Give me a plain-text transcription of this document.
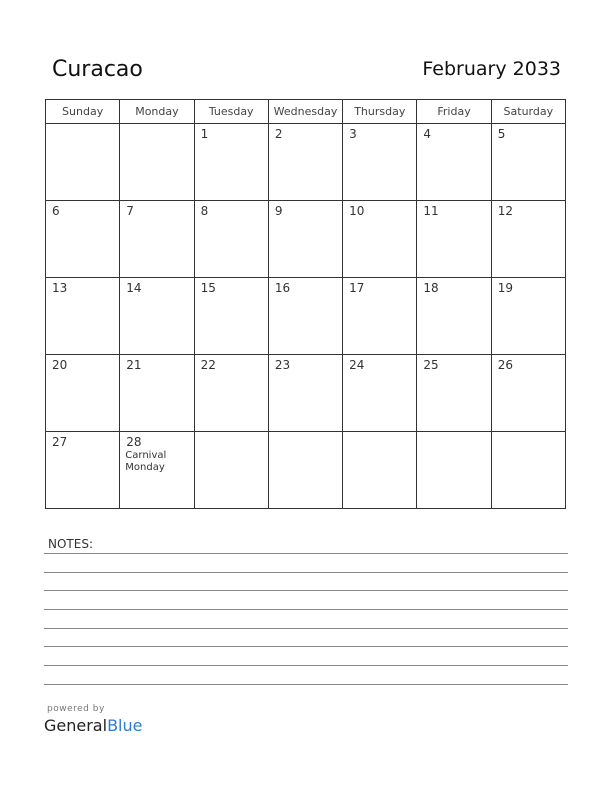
Curacao	February 2033
Sunday	Monday	Tuesday	Wednesday	Thursday	Friday	Saturday

		1	2	3	4	5

6	7	8	9	10	11	12

13	14	15	16	17	18	19

20	21	22	23	24	25	26

27	28
Carnival Monday					

NOTES:
powered by
GeneralBlue
